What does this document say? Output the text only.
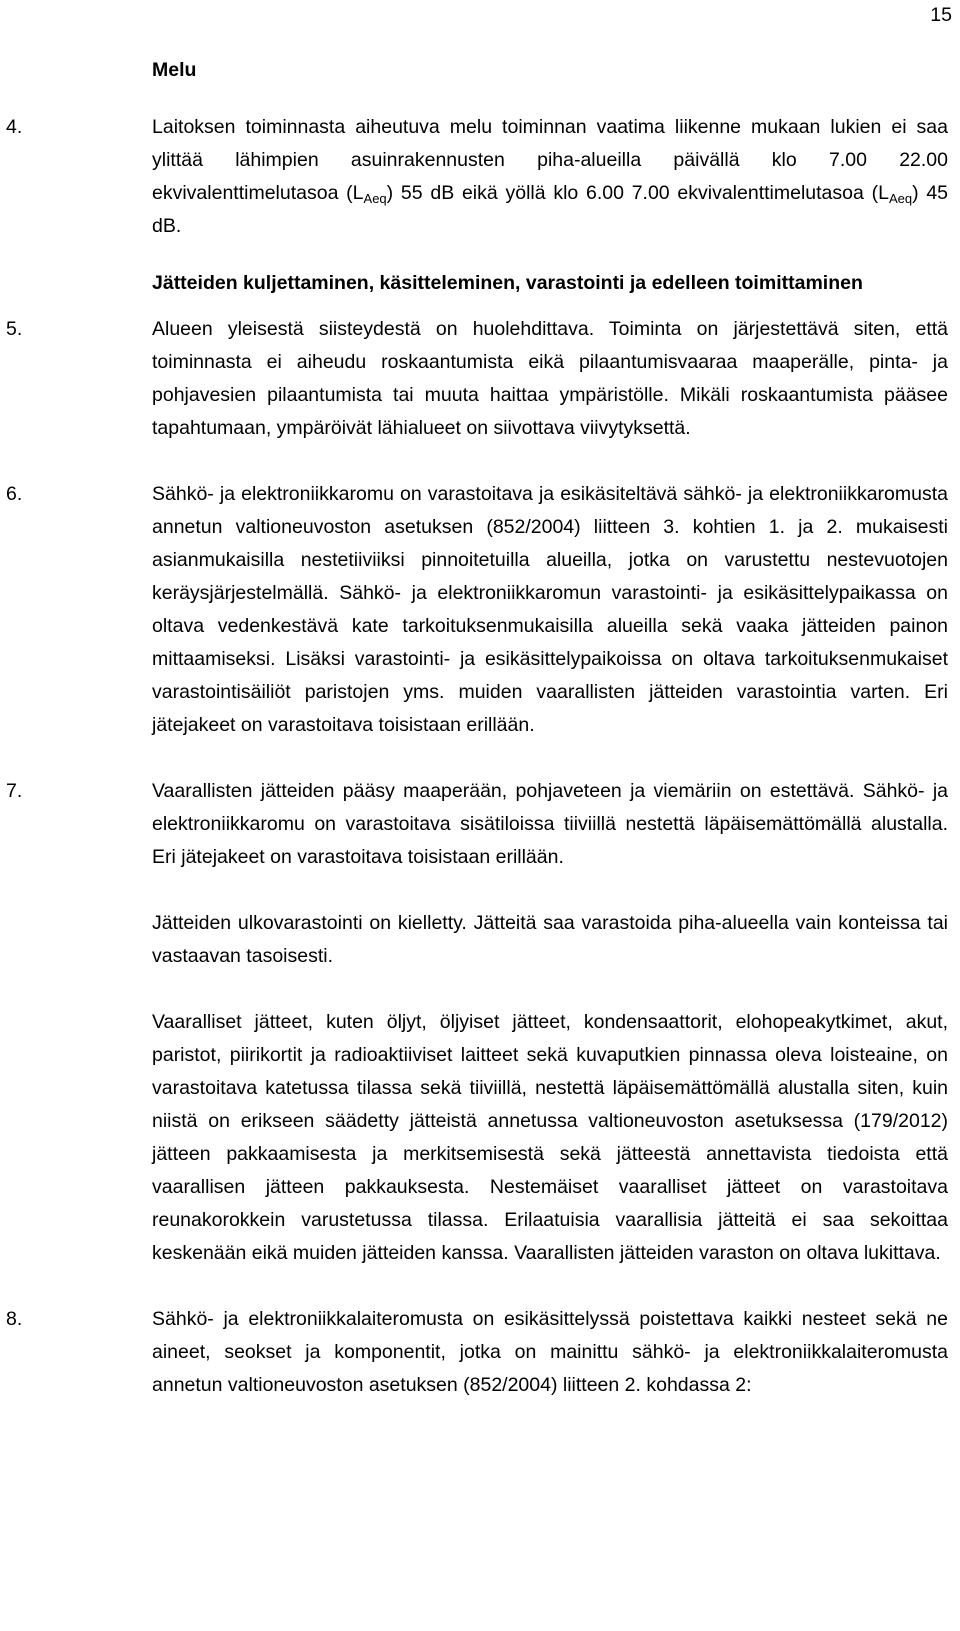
15
Melu
4.	Laitoksen toiminnasta aiheutuva melu toiminnan vaatima liikenne mukaan lukien ei saa ylittää lähimpien asuinrakennusten piha-alueilla päivällä klo 7.00 22.00 ekvivalenttimelutasoa $(L_{Aeq})$ 55 dB eikä yöllä klo 6.00 7.00 ekvivalenttimelutasoa $(L_{Aeq})$ 45 dB.

Jätteiden kuljettaminen, käsitteleminen, varastointi ja edelleen toimittaminen
5.	Alueen yleisestä siisteydestä on huolehdittava. Toiminta on järjestettävä siten, että toiminnasta ei aiheudu roskaantumista eikä pilaantumisvaaraa maaperälle, pinta- ja pohjavesien pilaantumista tai muuta haittaa ympäristölle. Mikäli roskaantumista pääsee tapahtumaan, ympäröivät lähialueet on siivottava viivytyksettä.

6.	Sähkö- ja elektroniikkaromu on varastoitava ja esikäsiteltävä sähkö- ja elektroniikkaromusta annetun valtioneuvoston asetuksen (852/2004) liitteen 3. kohtien 1. ja 2. mukaisesti asianmukaisilla nestetiiviiksi pinnoitetuilla alueilla, jotka on varustettu nestevuotojen keräysjärjestelmällä. Sähkö- ja elektroniikkaromun varastointi- ja esikäsittelypaikassa on oltava vedenkestävä kate tarkoituksenmukaisilla alueilla sekä vaaka jätteiden painon mittaamiseksi. Lisäksi varastointi- ja esikäsittelypaikoissa on oltava tarkoituksenmukaiset varastointisäiliöt paristojen yms. muiden vaarallisten jätteiden varastointia varten. Eri jätejakeet on varastoitava toisistaan erillään.

7.	Vaarallisten jätteiden pääsy maaperään, pohjaveteen ja viemäriin on estettävä. Sähkö- ja elektroniikkaromu on varastoitava sisätiloissa tiiviillä nestettä läpäisemättömällä alustalla. Eri jätejakeet on varastoitava toisistaan erillään.

Jätteiden ulkovarastointi on kielletty. Jätteitä saa varastoida piha-alueella vain konteissa tai vastaavan tasoisesti.

Vaaralliset jätteet, kuten öljyt, öljyiset jätteet, kondensaattorit, elohopeakytkimet, akut, paristot, piirikortit ja radioaktiiviset laitteet sekä kuvaputkien pinnassa oleva loisteaine, on varastoitava katetussa tilassa sekä tiiviillä, nestettä läpäisemättömällä alustalla siten, kuin niistä on erikseen säädetty jätteistä annetussa valtioneuvoston asetuksessa (179/2012) jätteen pakkaamisesta ja merkitsemisestä sekä jätteestä annettavista tiedoista että vaarallisen jätteen pakkauksesta. Nestemäiset vaaralliset jätteet on varastoitava reunakorokkein varustetussa tilassa. Erilaatuisia vaarallisia jätteitä ei saa sekoittaa keskenään eikä muiden jätteiden kanssa. Vaarallisten jätteiden varaston on oltava lukittava.

8.	Sähkö- ja elektroniikkalaiteromusta on esikäsittelyssä poistettava kaikki nesteet sekä ne aineet, seokset ja komponentit, jotka on mainittu sähkö- ja elektroniikkalaiteromusta annetun valtioneuvoston asetuksen (852/2004) liitteen 2. kohdassa 2:
